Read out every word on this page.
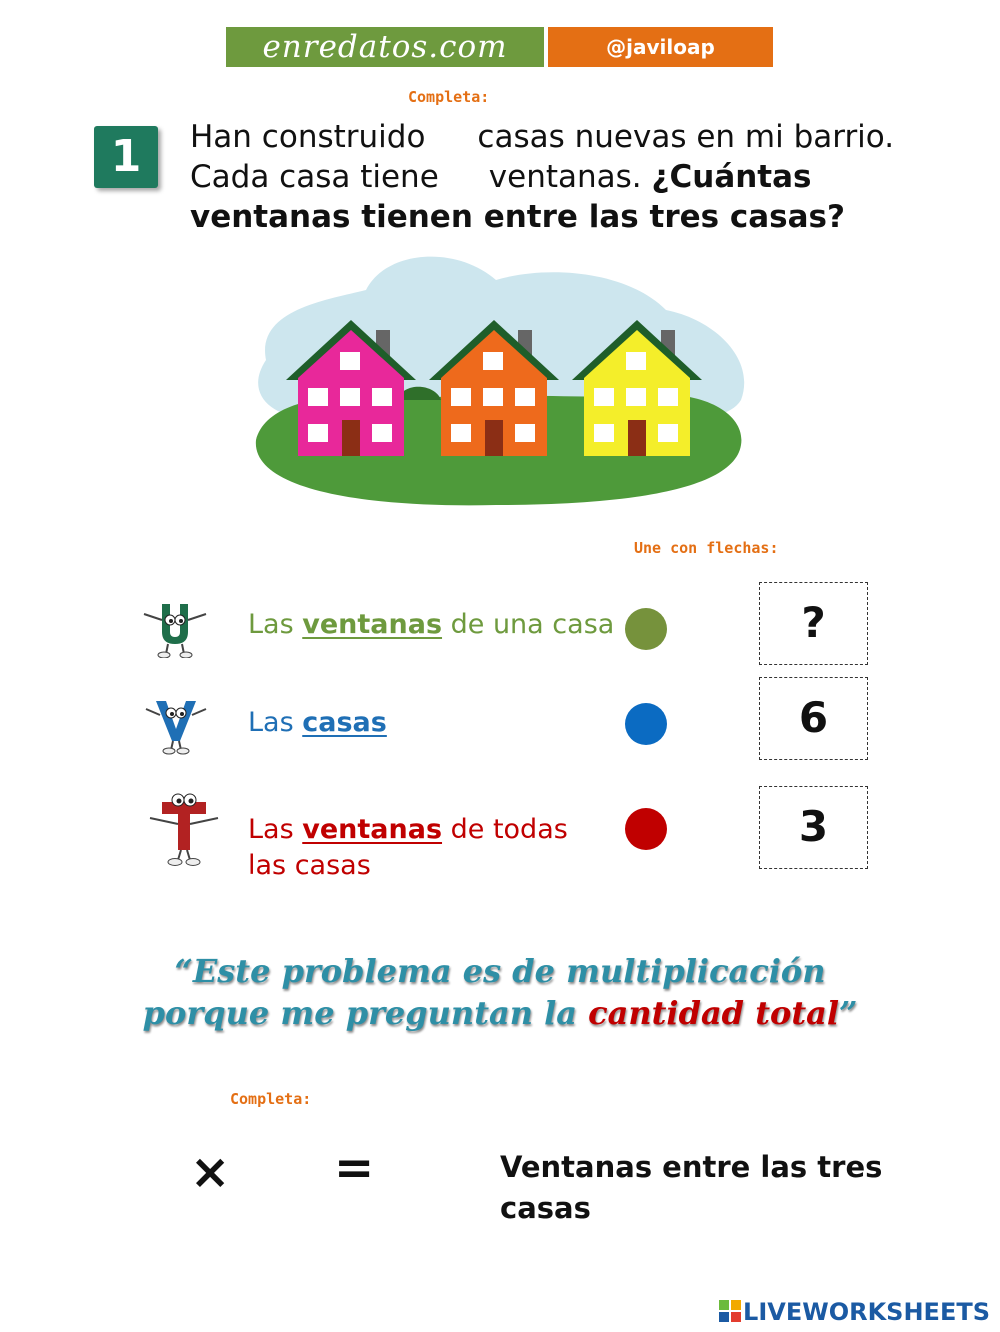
enredatos.com	@javiloap
Completa:
1	Han construido casas nuevas en mi barrio.
Cada casa tiene ventanas. ¿Cuántas
ventanas tienen entre las tres casas?
Une con flechas:
Las ventanas de una casa
Las casas
Las ventanas de todas
las casas
?
6
3
“Este problema es de multiplicación
porque me preguntan la cantidad total”
Completa:
× =	Ventanas entre las tres casas
LIVEWORKSHEETS
